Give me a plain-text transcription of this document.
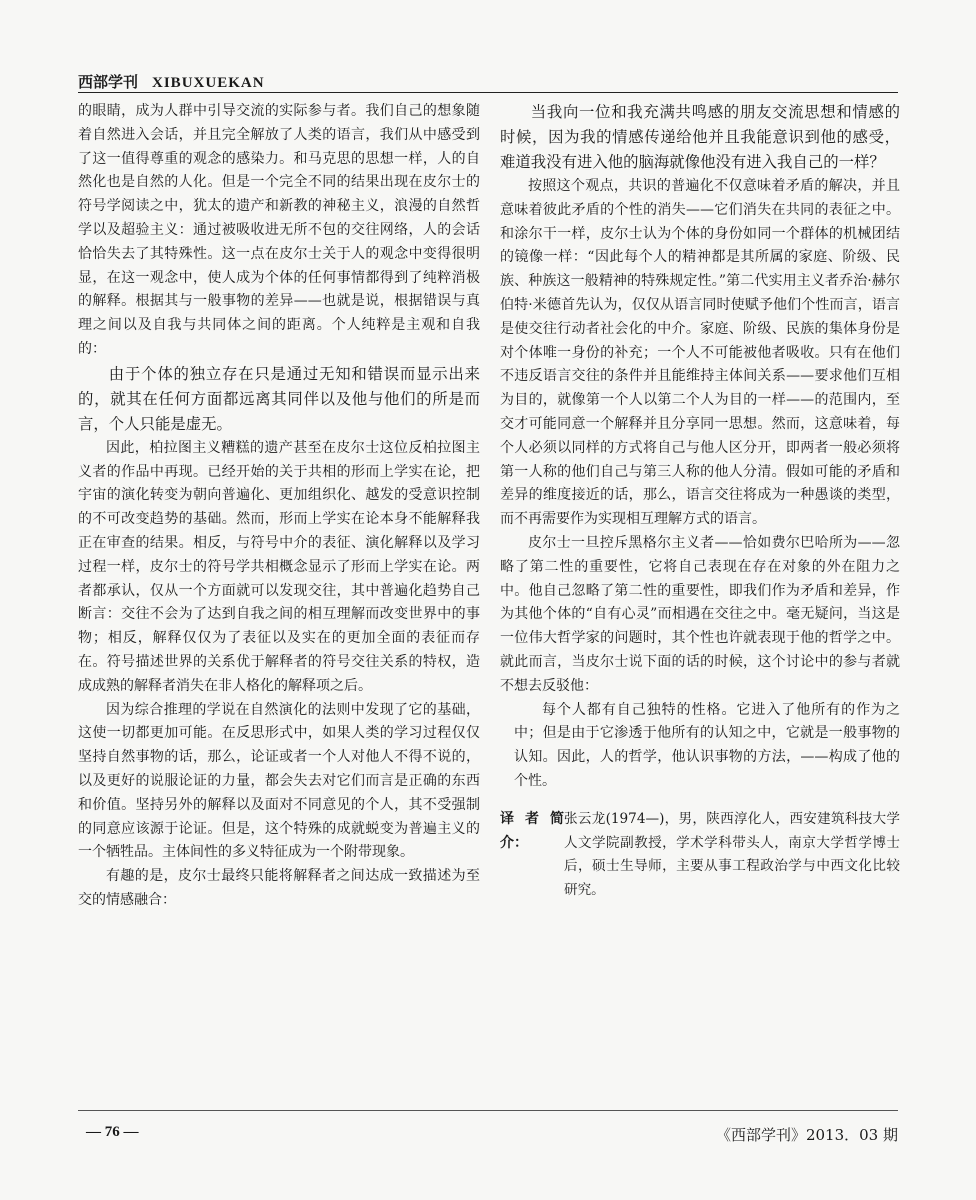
西部学刊 XIBUXUEKAN

的眼睛，成为人群中引导交流的实际参与者。我们自己的想象随着自然进入会话，并且完全解放了人类的语言，我们从中感受到了这一值得尊重的观念的感染力。和马克思的思想一样，人的自然化也是自然的人化。但是一个完全不同的结果出现在皮尔士的符号学阅读之中，犹太的遗产和新教的神秘主义，浪漫的自然哲学以及超验主义：通过被吸收进无所不包的交往网络，人的会话恰恰失去了其特殊性。这一点在皮尔士关于人的观念中变得很明显，在这一观念中，使人成为个体的任何事情都得到了纯粹消极的解释。根据其与一般事物的差异——也就是说，根据错误与真理之间以及自我与共同体之间的距离。个人纯粹是主观和自我的：

由于个体的独立存在只是通过无知和错误而显示出来的，就其在任何方面都远离其同伴以及他与他们的所是而言，个人只能是虚无。

因此，柏拉图主义糟糕的遗产甚至在皮尔士这位反柏拉图主义者的作品中再现。已经开始的关于共相的形而上学实在论，把宇宙的演化转变为朝向普遍化、更加组织化、越发的受意识控制的不可改变趋势的基础。然而，形而上学实在论本身不能解释我正在审查的结果。相反，与符号中介的表征、演化解释以及学习过程一样，皮尔士的符号学共相概念显示了形而上学实在论。两者都承认，仅从一个方面就可以发现交往，其中普遍化趋势自己断言：交往不会为了达到自我之间的相互理解而改变世界中的事物；相反，解释仅仅为了表征以及实在的更加全面的表征而存在。符号描述世界的关系优于解释者的符号交往关系的特权，造成成熟的解释者消失在非人格化的解释项之后。

因为综合推理的学说在自然演化的法则中发现了它的基础，这使一切都更加可能。在反思形式中，如果人类的学习过程仅仅坚持自然事物的话，那么，论证或者一个人对他人不得不说的，以及更好的说服论证的力量，都会失去对它们而言是正确的东西和价值。坚持另外的解释以及面对不同意见的个人，其不受强制的同意应该源于论证。但是，这个特殊的成就蜕变为普遍主义的一个牺牲品。主体间性的多义特征成为一个附带现象。

有趣的是，皮尔士最终只能将解释者之间达成一致描述为至交的情感融合：

当我向一位和我充满共鸣感的朋友交流思想和情感的时候，因为我的情感传递给他并且我能意识到他的感受，难道我没有进入他的脑海就像他没有进入我自己的一样？

按照这个观点，共识的普遍化不仅意味着矛盾的解决，并且意味着彼此矛盾的个性的消失——它们消失在共同的表征之中。和涂尔干一样，皮尔士认为个体的身份如同一个群体的机械团结的镜像一样：“因此每个人的精神都是其所属的家庭、阶级、民族、种族这一般精神的特殊规定性。”第二代实用主义者乔治·赫尔伯特·米德首先认为，仅仅从语言同时使赋予他们个性而言，语言是使交往行动者社会化的中介。家庭、阶级、民族的集体身份是对个体唯一身份的补充；一个人不可能被他者吸收。只有在他们不违反语言交往的条件并且能维持主体间关系——要求他们互相为目的，就像第一个人以第二个人为目的一样——的范围内，至交才可能同意一个解释并且分享同一思想。然而，这意味着，每个人必须以同样的方式将自己与他人区分开，即两者一般必须将第一人称的他们自己与第三人称的他人分清。假如可能的矛盾和差异的维度接近的话，那么，语言交往将成为一种愚谈的类型，而不再需要作为实现相互理解方式的语言。

皮尔士一旦控斥黑格尔主义者——恰如费尔巴哈所为——忽略了第二性的重要性，它将自己表现在存在对象的外在阻力之中。他自己忽略了第二性的重要性，即我们作为矛盾和差异，作为其他个体的“自有心灵”而相遇在交往之中。毫无疑问，当这是一位伟大哲学家的问题时，其个性也许就表现于他的哲学之中。就此而言，当皮尔士说下面的话的时候，这个讨论中的参与者就不想去反驳他：

每个人都有自己独特的性格。它进入了他所有的作为之中；但是由于它渗透于他所有的认知之中，它就是一般事物的认知。因此，人的哲学，他认识事物的方法，——构成了他的个性。

译者简介：
张云龙(1974—)，男，陕西淳化人，西安建筑科技大学人文学院副教授，学术学科带头人，南京大学哲学博士后，硕士生导师，主要从事工程政治学与中西文化比较研究。
— 76 —	《西部学刊》2013．03 期
